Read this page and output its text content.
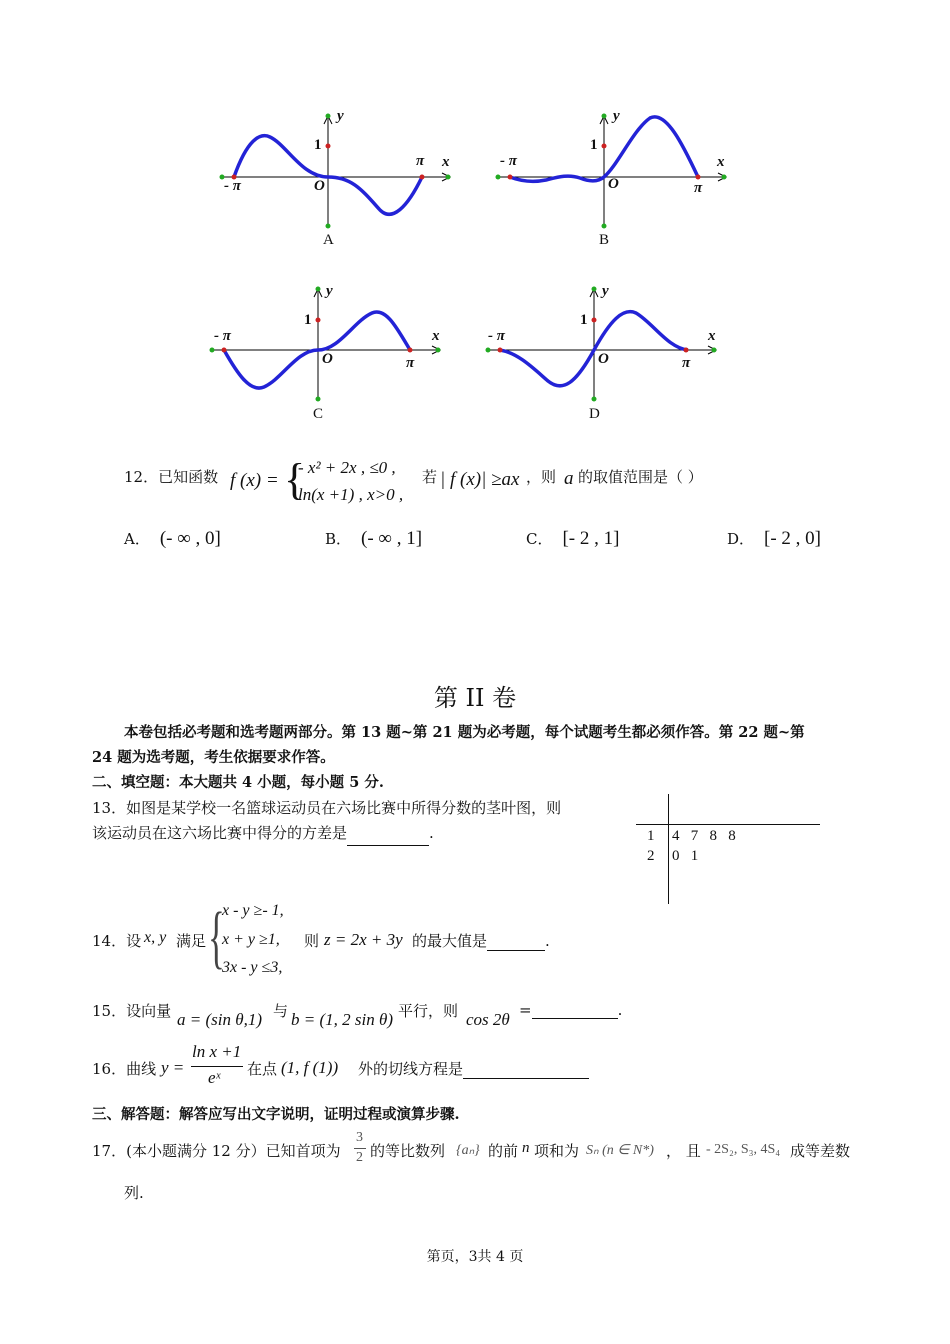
y
1
x
π
- π	O
A
y
1
x
- π
π
O
B
y
1
x
- π
O	π
C
y
1
x
- π
O	π
D
12．已知函数 f (x) = {
- x² + 2x , ≤0 ,
ln(x +1) , x>0 ,
若 | f (x)| ≥ax ，则 a 的取值范围是（ ）
A． (- ∞ , 0]	B． (- ∞ , 1]	C． [- 2 , 1]	D． [- 2 , 0]
第 II 卷
本卷包括必考题和选考题两部分。第 13 题~第 21 题为必考题，每个试题考生都必须作答。第 22 题~第
24 题为选考题，考生依据要求作答。
二、填空题：本大题共 4 小题，每小题 5 分.
13．如图是某学校一名篮球运动员在六场比赛中所得分数的茎叶图，则
该运动员在这六场比赛中得分的方差是	.	1 4   7   8   8
2 0   1
14．设 x, y 满足 {
x - y ≥- 1,
x + y ≥1,
3x - y ≤3,
则 z = 2x + 3y 的最大值是	.
15．设向量 a = (sin θ,1) 与 b = (1, 2 sin θ) 平行，则 cos 2θ =	.
16．曲线 y =
ln x +1
eˣ 在点 (1, f (1)) 外的切线方程是
三、解答题：解答应写出文字说明，证明过程或演算步骤.
17．(本小题满分 12 分）已知首项为
3
2 的等比数列 {aₙ} 的前 n 项和为 Sₙ (n ∈ N*) ， 且 - 2S₂, S₃, 4S₄ 成等差数
列.
第页，3共 4 页
